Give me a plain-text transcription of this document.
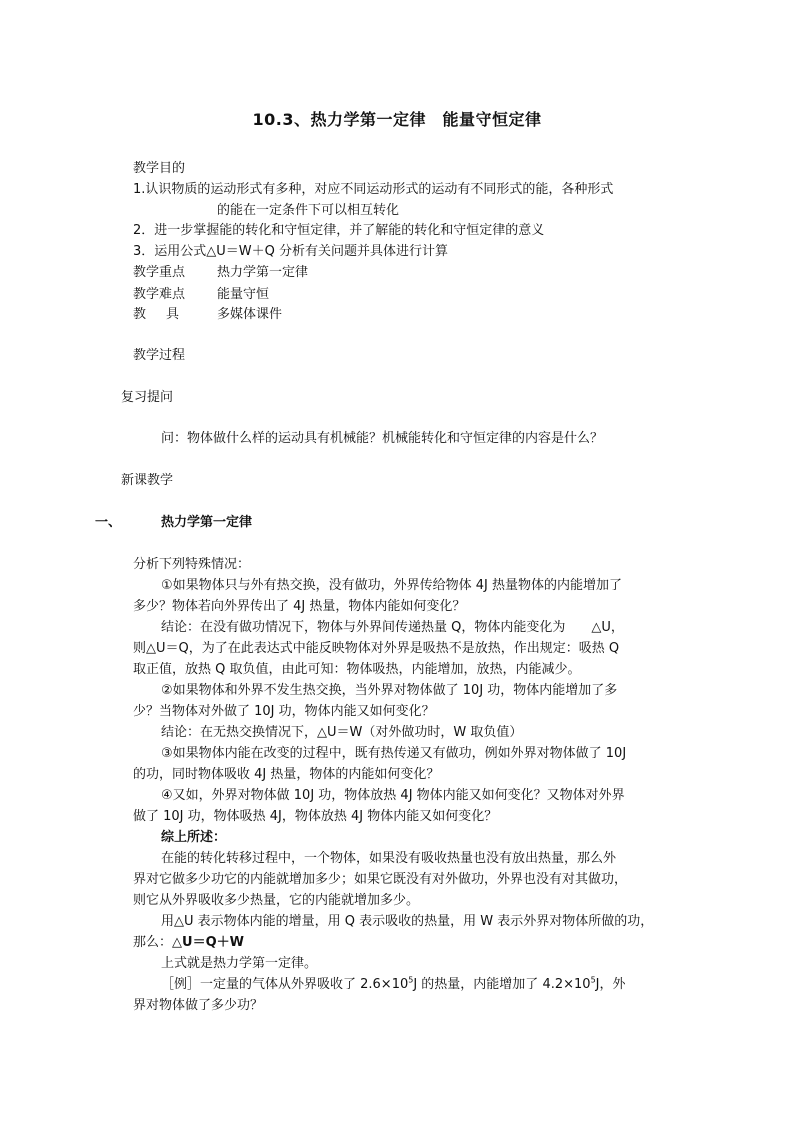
10.3、热力学第一定律　能量守恒定律
教学目的
1.认识物质的运动形式有多种，对应不同运动形式的运动有不同形式的能，各种形式
的能在一定条件下可以相互转化
2．进一步掌握能的转化和守恒定律，并了解能的转化和守恒定律的意义
3．运用公式△U＝W＋Q 分析有关问题并具体进行计算
教学重点 热力学第一定律
教学难点 能量守恒
教具 多媒体课件
教学过程
复习提问
问：物体做什么样的运动具有机械能？机械能转化和守恒定律的内容是什么？
新课教学
一、	热力学第一定律
分析下列特殊情况：
①如果物体只与外有热交换，没有做功，外界传给物体 4J 热量物体的内能增加了
多少？物体若向外界传出了 4J 热量，物体内能如何变化？
结论：在没有做功情况下，物体与外界间传递热量 Q，物体内能变化为　　△U，
则△U＝Q，为了在此表达式中能反映物体对外界是吸热不是放热，作出规定：吸热 Q
取正值，放热 Q 取负值，由此可知：物体吸热，内能增加，放热，内能减少。
②如果物体和外界不发生热交换，当外界对物体做了 10J 功，物体内能增加了多
少？当物体对外做了 10J 功，物体内能又如何变化？
结论：在无热交换情况下，△U＝W（对外做功时，W 取负值）
③如果物体内能在改变的过程中，既有热传递又有做功，例如外界对物体做了 10J
的功，同时物体吸收 4J 热量，物体的内能如何变化？
④又如，外界对物体做 10J 功，物体放热 4J 物体内能又如何变化？又物体对外界
做了 10J 功，物体吸热 4J，物体放热 4J 物体内能又如何变化？
综上所述：
在能的转化转移过程中，一个物体，如果没有吸收热量也没有放出热量，那么外
界对它做多少功它的内能就增加多少；如果它既没有对外做功，外界也没有对其做功，
则它从外界吸收多少热量，它的内能就增加多少。
用△U 表示物体内能的增量，用 Q 表示吸收的热量，用 W 表示外界对物体所做的功，
那么：△U＝Q＋W
上式就是热力学第一定律。
［例］一定量的气体从外界吸收了 $2.6\times 10^5J$ 的热量，内能增加了 $4.2\times 10^5J$，外
界对物体做了多少功？
